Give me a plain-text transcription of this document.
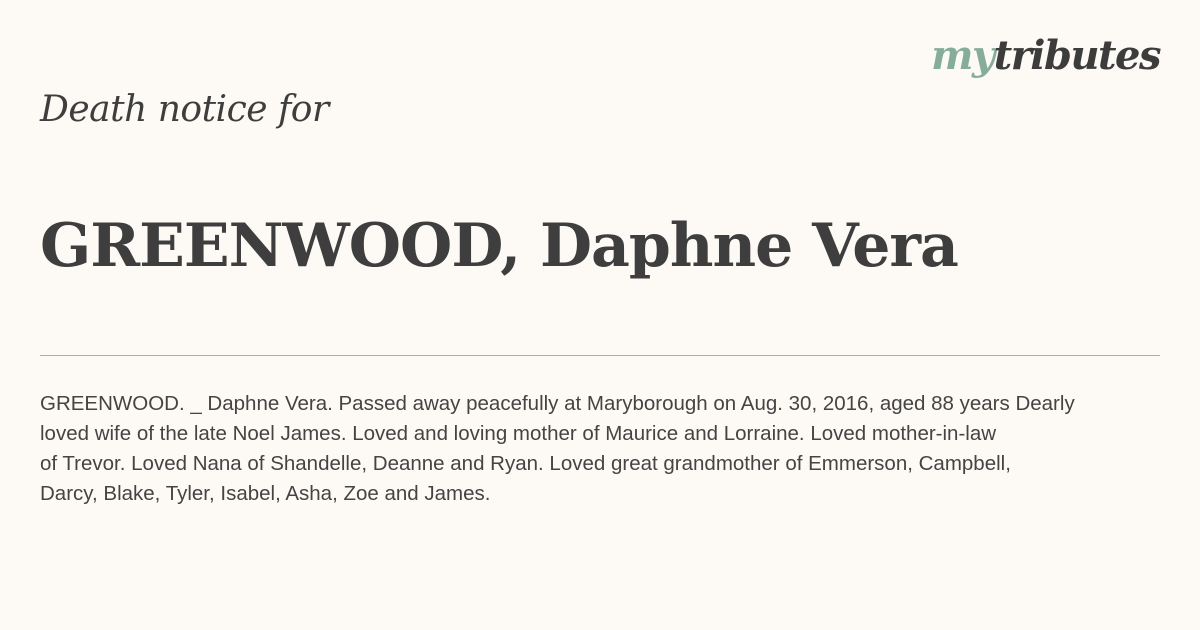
mytributes
Death notice for
GREENWOOD, Daphne Vera

GREENWOOD. _ Daphne Vera. Passed away peacefully at Maryborough on Aug. 30, 2016, aged 88 years Dearly
loved wife of the late Noel James. Loved and loving mother of Maurice and Lorraine. Loved mother-in-law
of Trevor. Loved Nana of Shandelle, Deanne and Ryan. Loved great grandmother of Emmerson, Campbell,
Darcy, Blake, Tyler, Isabel, Asha, Zoe and James.
